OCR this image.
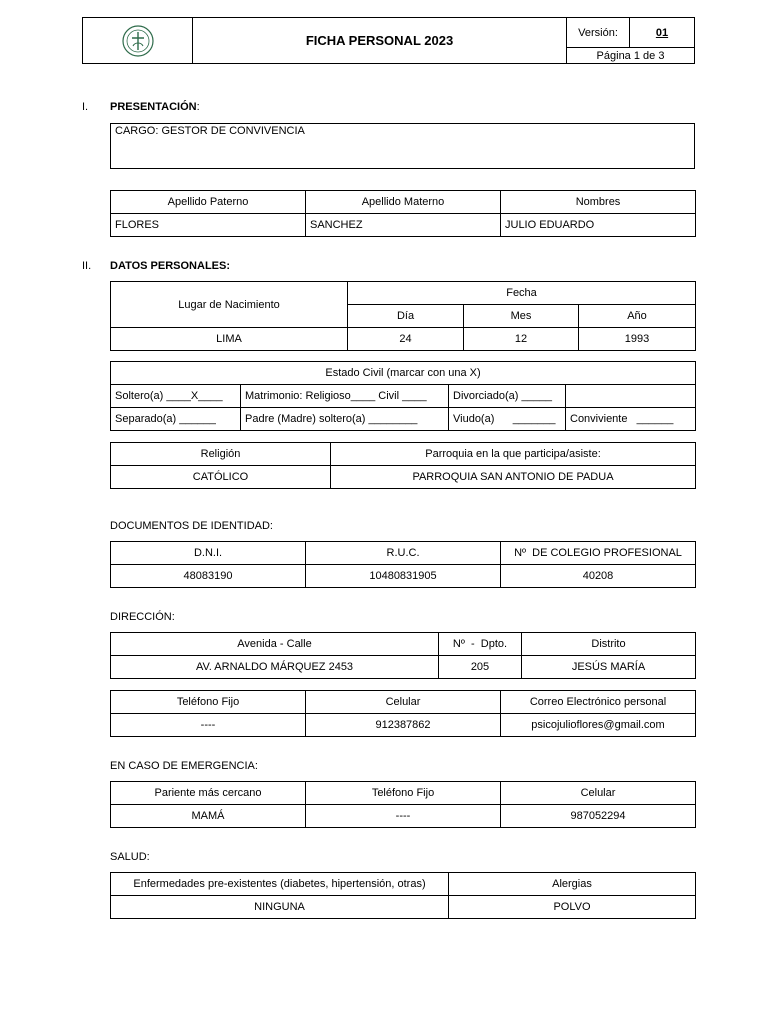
	FICHA PERSONAL 2023	Versión:	01
Página 1 de 3
I. PRESENTACIÓN:
CARGO: GESTOR DE CONVIVENCIA
Apellido Paterno	Apellido Materno	Nombres
FLORES	SANCHEZ	JULIO EDUARDO
II. DATOS PERSONALES:
Lugar de Nacimiento	Fecha		
	Día	Mes	Año
LIMA	24	12	1993
Estado Civil (marcar con una X)			
Soltero(a) ____X____	Matrimonio: Religioso____ Civil ____	Divorciado(a) _____	
Separado(a) ______	Padre (Madre) soltero(a) ________	Viudo(a)      _______	Conviviente   ______
Religión	Parroquia en la que participa/asiste:
CATÓLICO	PARROQUIA SAN ANTONIO DE PADUA
DOCUMENTOS DE IDENTIDAD:
D.N.I.	R.U.C.	Nº  DE COLEGIO PROFESIONAL
48083190	10480831905	40208
DIRECCIÓN:
Avenida - Calle	Nº  -  Dpto.	Distrito
AV. ARNALDO MÁRQUEZ 2453	205	JESÚS MARÍA
Teléfono Fijo	Celular	Correo Electrónico personal
----	912387862	psicojulioflores@gmail.com
EN CASO DE EMERGENCIA:
Pariente más cercano	Teléfono Fijo	Celular
MAMÁ	----	987052294
SALUD:
Enfermedades pre-existentes (diabetes, hipertensión, otras)	Alergias
NINGUNA	POLVO
